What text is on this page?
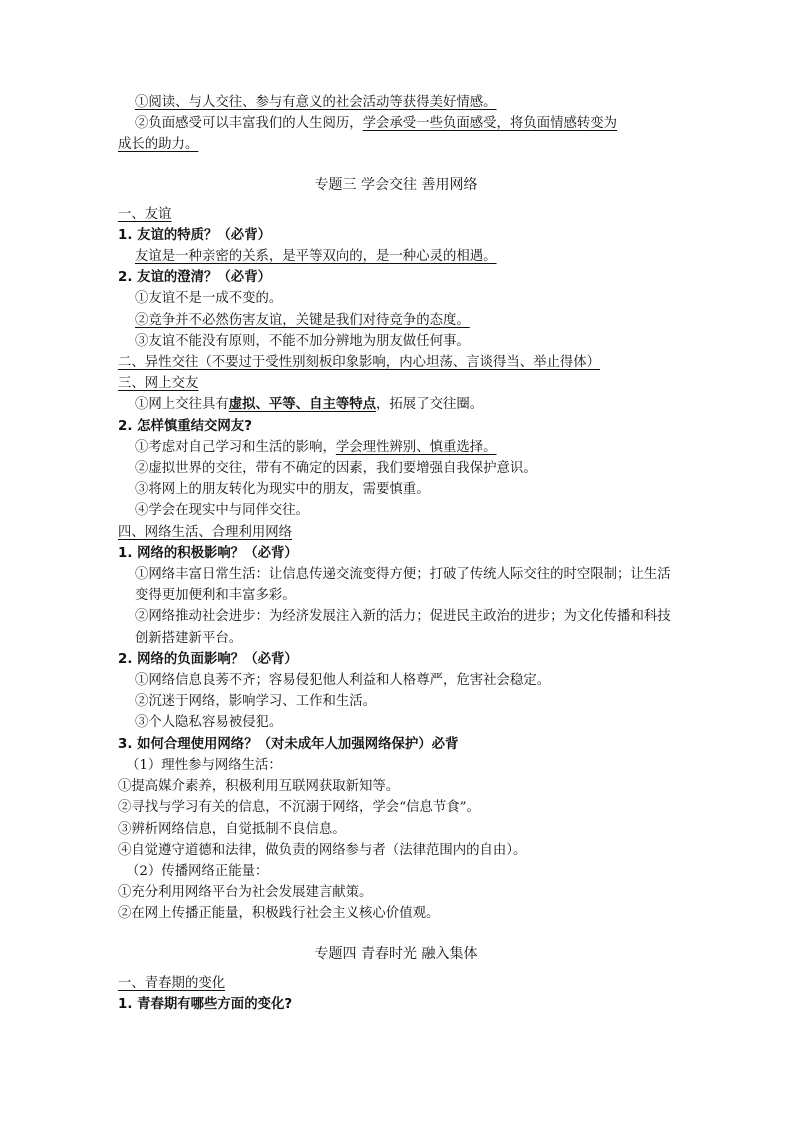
①阅读、与人交往、参与有意义的社会活动等获得美好情感。
②负面感受可以丰富我们的人生阅历，学会承受一些负面感受，将负面情感转变为
成长的助力。
专题三 学会交往 善用网络
一、友谊
1. 友谊的特质？（必背）
友谊是一种亲密的关系，是平等双向的，是一种心灵的相遇。
2. 友谊的澄清？（必背）
①友谊不是一成不变的。
②竞争并不必然伤害友谊，关键是我们对待竞争的态度。
③友谊不能没有原则，不能不加分辨地为朋友做任何事。
二、异性交往（不要过于受性别刻板印象影响，内心坦荡、言谈得当、举止得体）
三、网上交友
①网上交往具有虚拟、平等、自主等特点，拓展了交往圈。
2. 怎样慎重结交网友?
①考虑对自己学习和生活的影响，学会理性辨别、慎重选择。
②虚拟世界的交往，带有不确定的因素，我们要增强自我保护意识。
③将网上的朋友转化为现实中的朋友，需要慎重。
④学会在现实中与同伴交往。
四、网络生活、合理利用网络
1. 网络的积极影响？（必背）
①网络丰富日常生活：让信息传递交流变得方便；打破了传统人际交往的时空限制；让生活变得更加便利和丰富多彩。
②网络推动社会进步：为经济发展注入新的活力；促进民主政治的进步；为文化传播和科技创新搭建新平台。
2. 网络的负面影响？（必背）
①网络信息良莠不齐；容易侵犯他人利益和人格尊严，危害社会稳定。
②沉迷于网络，影响学习、工作和生活。
③个人隐私容易被侵犯。
3. 如何合理使用网络？（对未成年人加强网络保护）必背
（1）理性参与网络生活：
①提高媒介素养，积极利用互联网获取新知等。
②寻找与学习有关的信息，不沉溺于网络，学会“信息节食”。
③辨析网络信息，自觉抵制不良信息。
④自觉遵守道德和法律，做负责的网络参与者（法律范围内的自由）。
（2）传播网络正能量：
①充分利用网络平台为社会发展建言献策。
②在网上传播正能量，积极践行社会主义核心价值观。
专题四 青春时光 融入集体
一、青春期的变化
1. 青春期有哪些方面的变化?
